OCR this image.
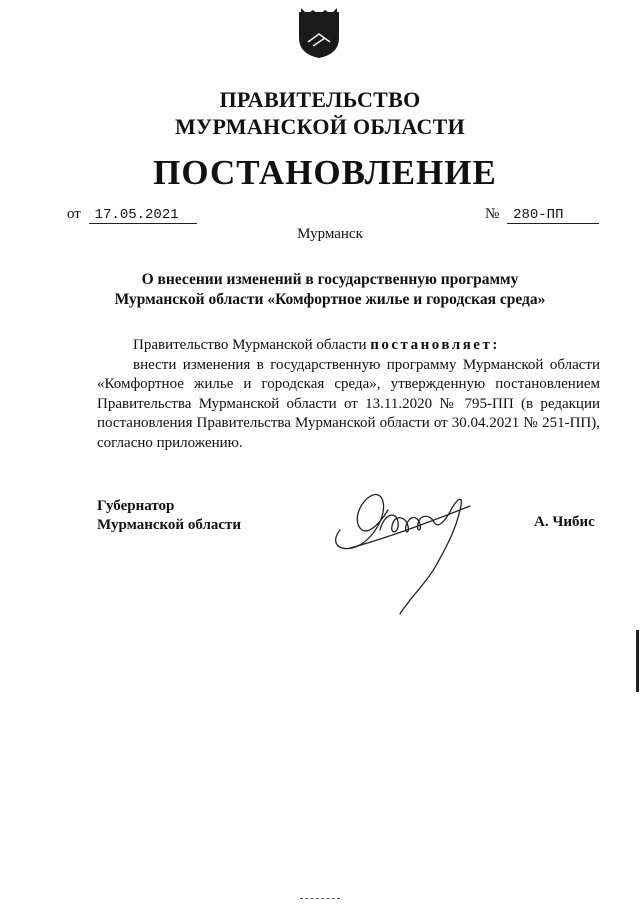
ПРАВИТЕЛЬСТВО
МУРМАНСКОЙ ОБЛАСТИ
ПОСТАНОВЛЕНИЕ
от 17.05.2021	№ 280-ПП
Мурманск
О внесении изменений в государственную программу
Мурманской области «Комфортное жилье и городская среда»

Правительство Мурманской области постановляет:

внести изменения в государственную программу Мурманской области «Комфортное жилье и городская среда», утвержденную постановлением Правительства Мурманской области от 13.11.2020 № 795-ПП (в редакции постановления Правительства Мурманской области от 30.04.2021 № 251-ПП), согласно приложению.

Губернатор
Мурманской области	А. Чибис
